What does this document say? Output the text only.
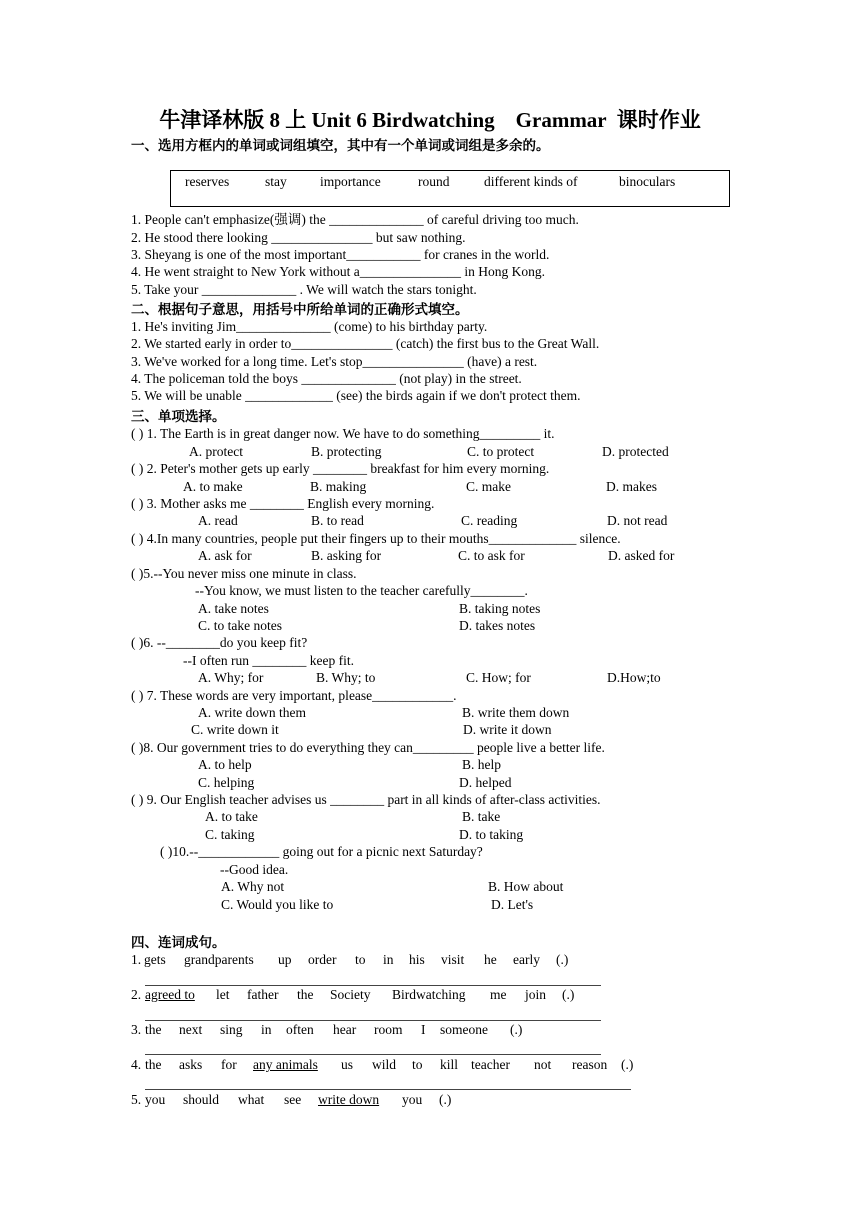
牛津译林版 8 上 Unit 6 Birdwatching    Grammar  课时作业
一、选用方框内的单词或词组填空，其中有一个单词或词组是多余的。
reserves	stay importance	round	different kinds of	binoculars
1. People can't emphasize(强调) the ______________ of careful driving too much.
2. He stood there looking _______________ but saw nothing.
3. Sheyang is one of the most important___________ for cranes in the world.
4. He went straight to New York without a_______________ in Hong Kong.
5. Take your ______________ . We will watch the stars tonight.
二、根据句子意思，用括号中所给单词的正确形式填空。
1. He's inviting Jim______________ (come) to his birthday party.
2. We started early in order to_______________ (catch) the first bus to the Great Wall.
3. We've worked for a long time. Let's stop_______________ (have) a rest.
4. The policeman told the boys ______________ (not play) in the street.
5. We will be unable _____________ (see) the birds again if we don't protect them.
三、单项选择。
( ) 1. The Earth is in great danger now. We have to do something_________ it.
A. protect	B. protecting	C. to protect	D. protected
( ) 2. Peter's mother gets up early ________ breakfast for him every morning.
A. to make	B. making	C. make	D. makes
( ) 3. Mother asks me ________ English every morning.
A. read	B. to read	C. reading	D. not read
( ) 4.In many countries, people put their fingers up to their mouths_____________ silence.
A. ask for	B. asking for	C. to ask for	D. asked for
( )5.--You never miss one minute in class.
--You know, we must listen to the teacher carefully________.
A. take notes	B. taking notes
C. to take notes	D. takes notes
( )6. --________do you keep fit?
--I often run ________ keep fit.
A. Why; for	B. Why; to	C. How; for	D.How;to
( ) 7. These words are very important, please____________.
A. write down them	B. write them down
C. write down it	D. write it down
( )8. Our government tries to do everything they can_________ people live a better life.
A. to help	B. help
C. helping	D. helped
( ) 9. Our English teacher advises us ________ part in all kinds of after-class activities.
A. to take	B. take
C. taking	D. to taking
( )10.--____________ going out for a picnic next Saturday?
--Good idea.
A. Why not	B. How about
C. Would you like to	D. Let's
四、连词成句。
1. gets grandparents up order to in his visit he early (.)
2. agreed to let father the Society Birdwatching me join (.)
3. the next sing in often hear room I someone (.)
4. the asks for any animals us wild to kill teacher not reason (.)
5. you should what see write down you (.)
